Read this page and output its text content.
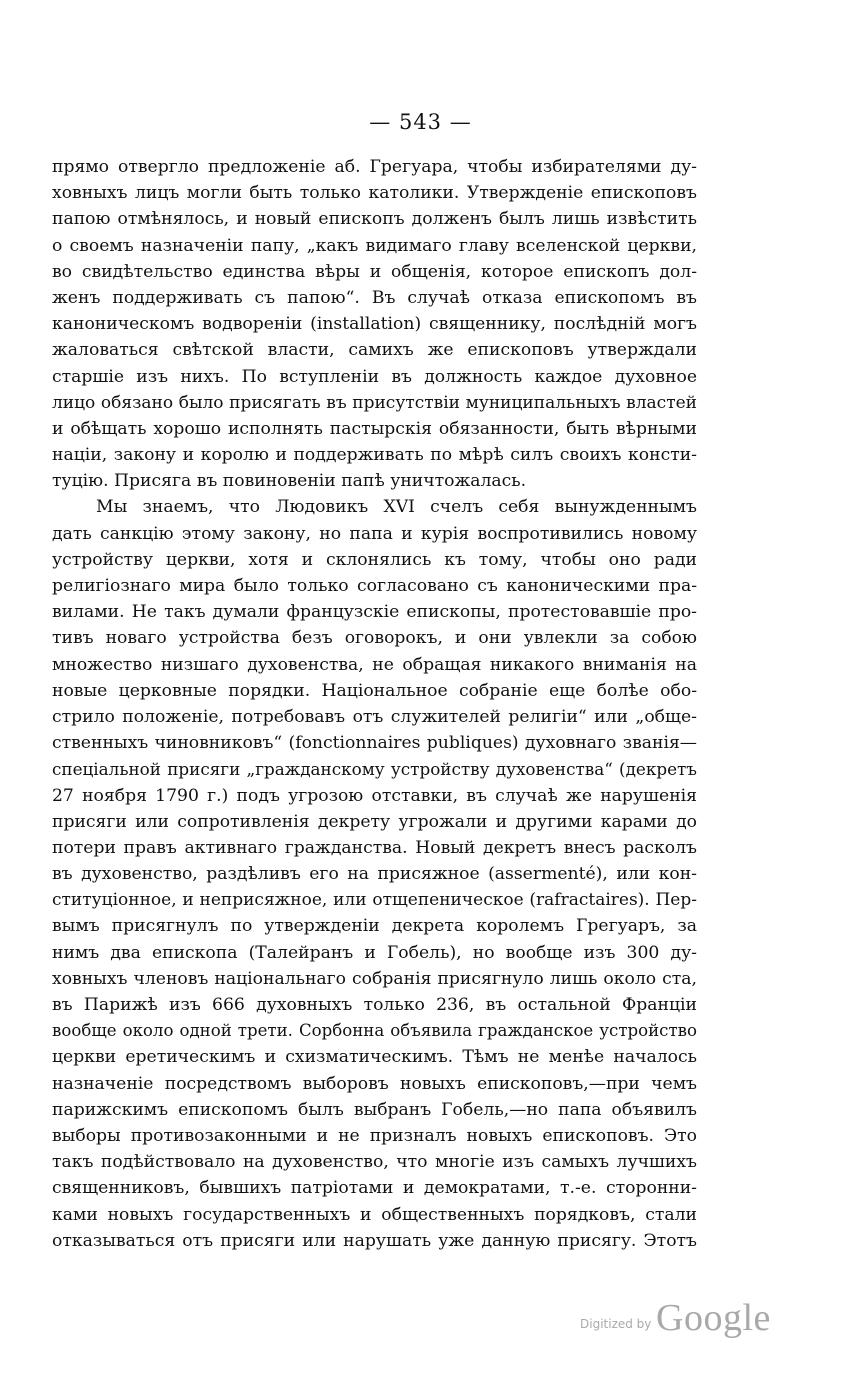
— 543 —
прямо отвергло предложеніе аб. Грегуара, чтобы избирателями ду-
ховныхъ лицъ могли быть только католики. Утвержденіе епископовъ
папою отмѣнялось, и новый епископъ долженъ былъ лишь извѣстить
о своемъ назначеніи папу, „какъ видимаго главу вселенской церкви,
во свидѣтельство единства вѣры и общенія, которое епископъ дол-
женъ поддерживать съ папою“. Въ случаѣ отказа епископомъ въ
каноническомъ водвореніи (installation) священнику, послѣдній могъ
жаловаться свѣтской власти, самихъ же епископовъ утверждали
старшіе изъ нихъ. По вступленіи въ должность каждое духовное
лицо обязано было присягать въ присутствіи муниципальныхъ властей
и обѣщать хорошо исполнять пастырскія обязанности, быть вѣрными
націи, закону и королю и поддерживать по мѣрѣ силъ своихъ консти-
туцію. Присяга въ повиновеніи папѣ уничтожалась.
Мы знаемъ, что Людовикъ XVI счелъ себя вынужденнымъ
дать санкцію этому закону, но папа и курія воспротивились новому
устройству церкви, хотя и склонялись къ тому, чтобы оно ради
религіознаго мира было только согласовано съ каноническими пра-
вилами. Не такъ думали французскіе епископы, протестовавшіе про-
тивъ новаго устройства безъ оговорокъ, и они увлекли за собою
множество низшаго духовенства, не обращая никакого вниманія на
новые церковные порядки. Національное собраніе еще болѣе обо-
стрило положеніе, потребовавъ отъ служителей религіи“ или „обще-
ственныхъ чиновниковъ“ (fonctionnaires publiques) духовнаго званія—
спеціальной присяги „гражданскому устройству духовенства“ (декретъ
27 ноября 1790 г.) подъ угрозою отставки, въ случаѣ же нарушенія
присяги или сопротивленія декрету угрожали и другими карами до
потери правъ активнаго гражданства. Новый декретъ внесъ расколъ
въ духовенство, раздѣливъ его на присяжное (assermenté), или кон-
ституціонное, и неприсяжное, или отщепеническое (rafractaires). Пер-
вымъ присягнулъ по утвержденіи декрета королемъ Грегуаръ, за
нимъ два епископа (Талейранъ и Гобель), но вообще изъ 300 ду-
ховныхъ членовъ національнаго собранія присягнуло лишь около ста,
въ Парижѣ изъ 666 духовныхъ только 236, въ остальной Франціи
вообще около одной трети. Сорбонна объявила гражданское устройство
церкви еретическимъ и схизматическимъ. Тѣмъ не менѣе началось
назначеніе посредствомъ выборовъ новыхъ епископовъ,—при чемъ
парижскимъ епископомъ былъ выбранъ Гобель,—но папа объявилъ
выборы противозаконными и не призналъ новыхъ епископовъ. Это
такъ подѣйствовало на духовенство, что многіе изъ самыхъ лучшихъ
священниковъ, бывшихъ патріотами и демократами, т.-е. сторонни-
ками новыхъ государственныхъ и общественныхъ порядковъ, стали
отказываться отъ присяги или нарушать уже данную присягу. Этотъ
Digitized by Google
